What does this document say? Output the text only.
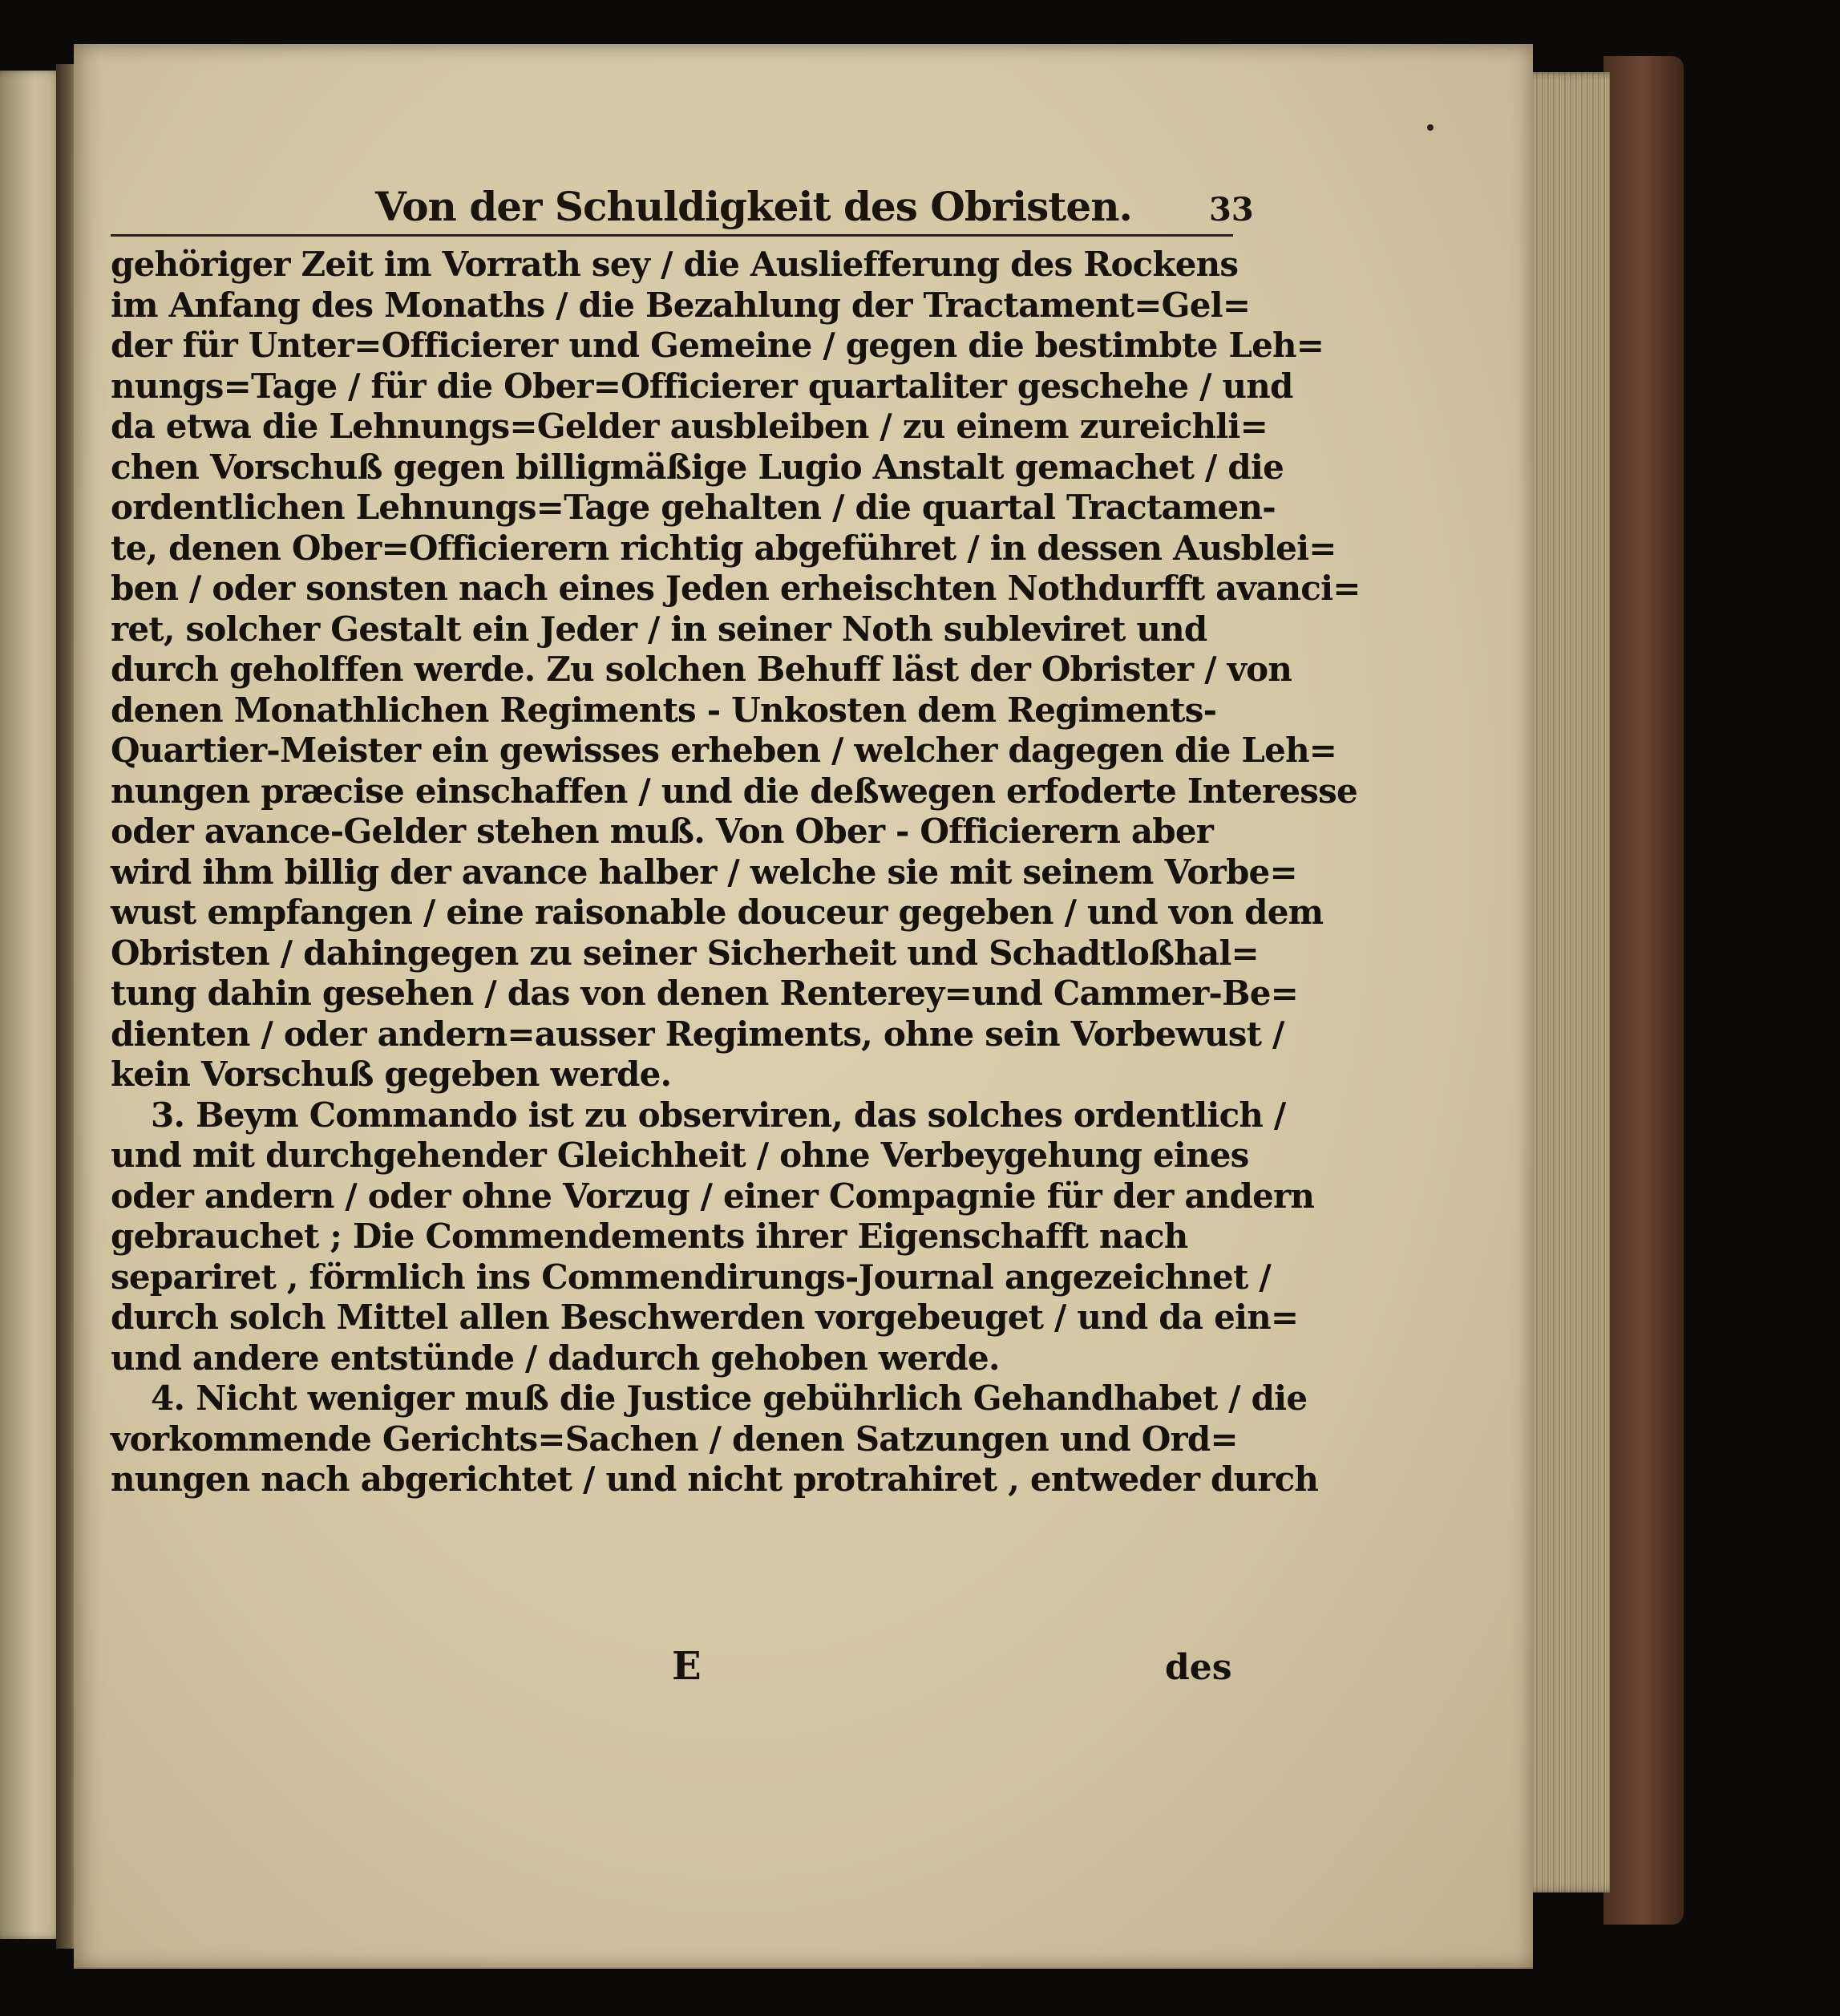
Von der Schuldigkeit des Obristen. 33
gehöriger Zeit im Vorrath sey / die Ausliefferung des Rockens
im Anfang des Monaths / die Bezahlung der Tractament=Gel=
der für Unter=Officierer und Gemeine / gegen die bestimbte Leh=
nungs=Tage / für die Ober=Officierer quartaliter geschehe / und
da etwa die Lehnungs=Gelder ausbleiben / zu einem zureichli=
chen Vorschuß gegen billigmäßige Lugio Anstalt gemachet / die
ordentlichen Lehnungs=Tage gehalten / die quartal Tractamen-
te, denen Ober=Officierern richtig abgeführet / in dessen Ausblei=
ben / oder sonsten nach eines Jeden erheischten Nothdurfft avanci=
ret, solcher Gestalt ein Jeder / in seiner Noth subleviret und
durch geholffen werde. Zu solchen Behuff läst der Obrister / von
denen Monathlichen Regiments - Unkosten dem Regiments-
Quartier-Meister ein gewisses erheben / welcher dagegen die Leh=
nungen præcise einschaffen / und die deßwegen erfoderte Interesse
oder avance-Gelder stehen muß. Von Ober - Officierern aber
wird ihm billig der avance halber / welche sie mit seinem Vorbe=
wust empfangen / eine raisonable douceur gegeben / und von dem
Obristen / dahingegen zu seiner Sicherheit und Schadtloßhal=
tung dahin gesehen / das von denen Renterey=und Cammer-Be=
dienten / oder andern=ausser Regiments, ohne sein Vorbewust /
kein Vorschuß gegeben werde.
3. Beym Commando ist zu observiren, das solches ordentlich /
und mit durchgehender Gleichheit / ohne Verbeygehung eines
oder andern / oder ohne Vorzug / einer Compagnie für der andern
gebrauchet ; Die Commendements ihrer Eigenschafft nach
separiret , förmlich ins Commendirungs-Journal angezeichnet /
durch solch Mittel allen Beschwerden vorgebeuget / und da ein=
und andere entstünde / dadurch gehoben werde.
4. Nicht weniger muß die Justice gebührlich Gehandhabet / die
vorkommende Gerichts=Sachen / denen Satzungen und Ord=
nungen nach abgerichtet / und nicht protrahiret , entweder durch
E	des
